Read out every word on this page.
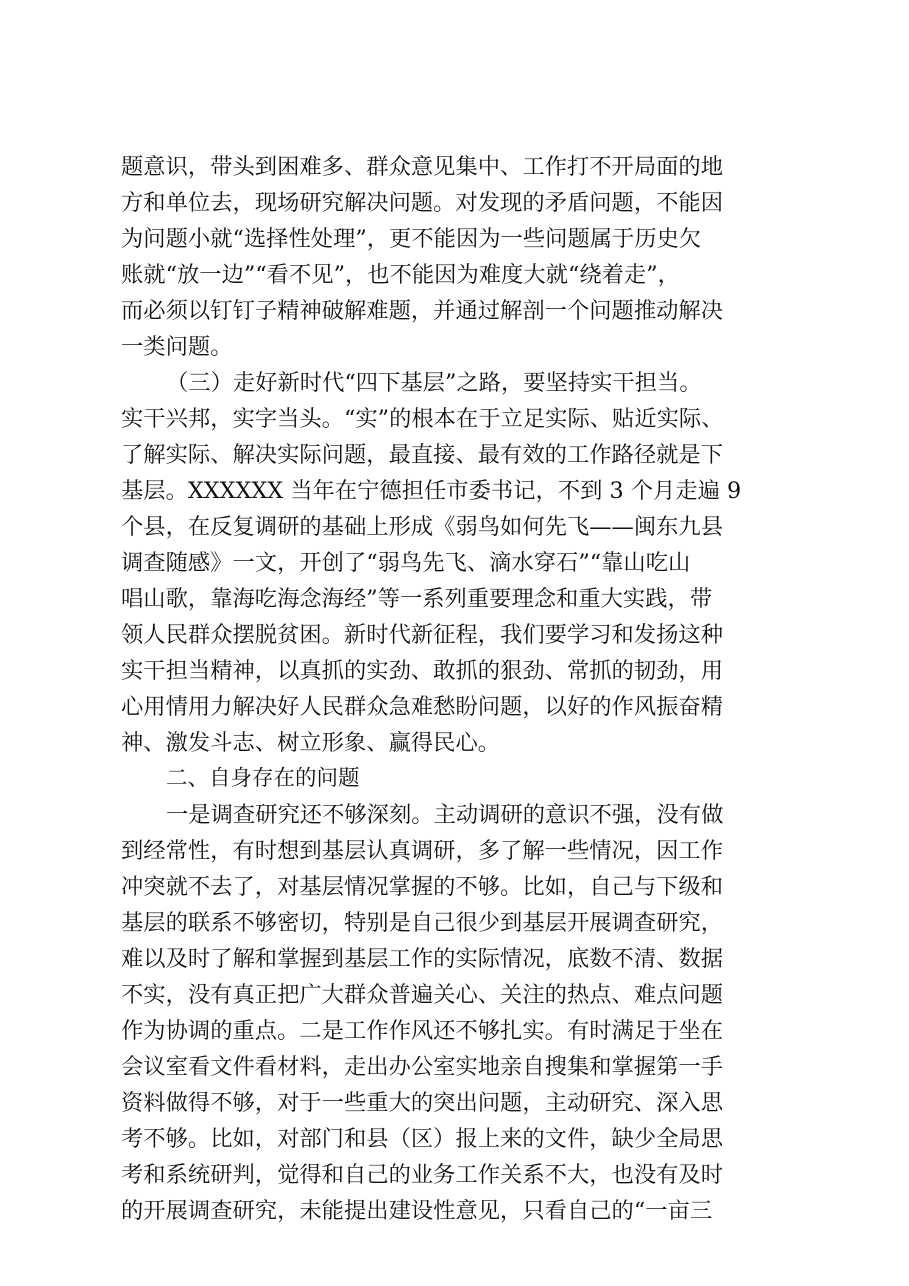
题意识，带头到困难多、群众意见集中、工作打不开局面的地
方和单位去，现场研究解决问题。对发现的矛盾问题，不能因
为问题小就“选择性处理”，更不能因为一些问题属于历史欠
账就“放一边”“看不见”，也不能因为难度大就“绕着走”，
而必须以钉钉子精神破解难题，并通过解剖一个问题推动解决
一类问题。
（三）走好新时代“四下基层”之路，要坚持实干担当。
实干兴邦，实字当头。“实”的根本在于立足实际、贴近实际、
了解实际、解决实际问题，最直接、最有效的工作路径就是下
基层。XXXXXX 当年在宁德担任市委书记，不到 3 个月走遍 9
个县，在反复调研的基础上形成《弱鸟如何先飞——闽东九县
调查随感》一文，开创了“弱鸟先飞、滴水穿石”“靠山吃山
唱山歌，靠海吃海念海经”等一系列重要理念和重大实践，带
领人民群众摆脱贫困。新时代新征程，我们要学习和发扬这种
实干担当精神，以真抓的实劲、敢抓的狠劲、常抓的韧劲，用
心用情用力解决好人民群众急难愁盼问题，以好的作风振奋精
神、激发斗志、树立形象、赢得民心。
二、自身存在的问题
一是调查研究还不够深刻。主动调研的意识不强，没有做
到经常性，有时想到基层认真调研，多了解一些情况，因工作
冲突就不去了，对基层情况掌握的不够。比如，自己与下级和
基层的联系不够密切，特别是自己很少到基层开展调查研究，
难以及时了解和掌握到基层工作的实际情况，底数不清、数据
不实，没有真正把广大群众普遍关心、关注的热点、难点问题
作为协调的重点。二是工作作风还不够扎实。有时满足于坐在
会议室看文件看材料，走出办公室实地亲自搜集和掌握第一手
资料做得不够，对于一些重大的突出问题，主动研究、深入思
考不够。比如，对部门和县（区）报上来的文件，缺少全局思
考和系统研判，觉得和自己的业务工作关系不大，也没有及时
的开展调查研究，未能提出建设性意见，只看自己的“一亩三
